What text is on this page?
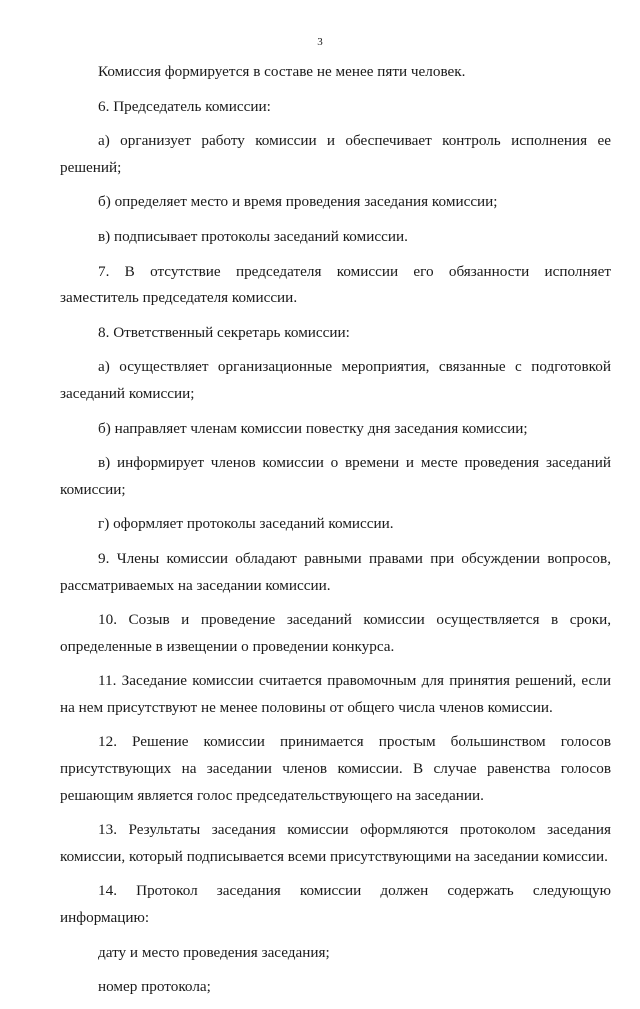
3

Комиссия формируется в составе не менее пяти человек.

6. Председатель комиссии:

а) организует работу комиссии и обеспечивает контроль исполнения ее решений;

б) определяет место и время проведения заседания комиссии;

в) подписывает протоколы заседаний комиссии.

7. В отсутствие председателя комиссии его обязанности исполняет заместитель председателя комиссии.

8. Ответственный секретарь комиссии:

а) осуществляет организационные мероприятия, связанные с подготовкой заседаний комиссии;

б) направляет членам комиссии повестку дня заседания комиссии;

в) информирует членов комиссии о времени и месте проведения заседаний комиссии;

г) оформляет протоколы заседаний комиссии.

9. Члены комиссии обладают равными правами при обсуждении вопросов, рассматриваемых на заседании комиссии.

10. Созыв и проведение заседаний комиссии осуществляется в сроки, определенные в извещении о проведении конкурса.

11. Заседание комиссии считается правомочным для принятия решений, если на нем присутствуют не менее половины от общего числа членов комиссии.

12. Решение комиссии принимается простым большинством голосов присутствующих на заседании членов комиссии. В случае равенства голосов решающим является голос председательствующего на заседании.

13. Результаты заседания комиссии оформляются протоколом заседания комиссии, который подписывается всеми присутствующими на заседании комиссии.

14. Протокол заседания комиссии должен содержать следующую информацию:

дату и место проведения заседания;

номер протокола;
